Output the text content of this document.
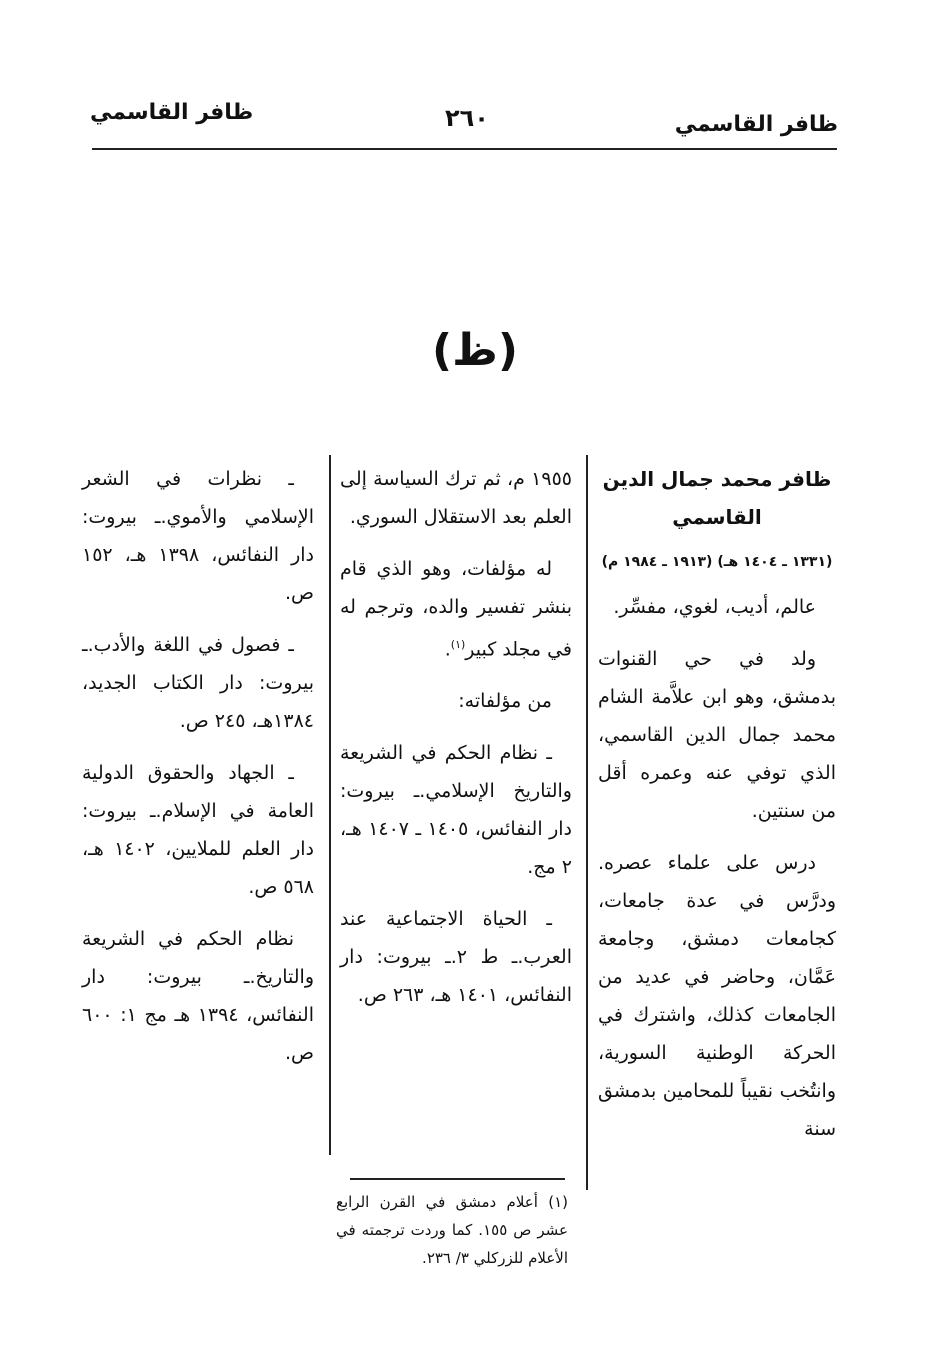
ظافر القاسمي
٢٦٠
ظافر القاسمي
(ظ)

ظافر محمد جمال الدين القاسمي

(١٣٣١ ـ ١٤٠٤ هـ) (١٩١٣ ـ ١٩٨٤ م)

عالم، أديب، لغوي، مفسِّر.

ولد في حي القنوات بدمشق، وهو ابن علاَّمة الشام محمد جمال الدين القاسمي، الذي توفي عنه وعمره أقل من سنتين.

درس على علماء عصره. ودرَّس في عدة جامعات، كجامعات دمشق، وجامعة عَمَّان، وحاضر في عديد من الجامعات كذلك، واشترك في الحركة الوطنية السورية، وانتُخب نقيباً للمحامين بدمشق سنة

١٩٥٥ م، ثم ترك السياسة إلى العلم بعد الاستقلال السوري.

له مؤلفات، وهو الذي قام بنشر تفسير والده، وترجم له في مجلد كبير$^{(١)}$.

من مؤلفاته:

ـ نظام الحكم في الشريعة والتاريخ الإسلامي.ـ بيروت: دار النفائس، ١٤٠٥ ـ ١٤٠٧ هـ، ٢ مج.

ـ الحياة الاجتماعية عند العرب.ـ ط ٢.ـ بيروت: دار النفائس، ١٤٠١ هـ، ٢٦٣ ص.

ـ نظرات في الشعر الإسلامي والأموي.ـ بيروت: دار النفائس، ١٣٩٨ هـ، ١٥٢ ص.

ـ فصول في اللغة والأدب.ـ بيروت: دار الكتاب الجديد، ١٣٨٤هـ، ٢٤٥ ص.

ـ الجهاد والحقوق الدولية العامة في الإسلام.ـ بيروت: دار العلم للملايين، ١٤٠٢ هـ، ٥٦٨ ص.

نظام الحكم في الشريعة والتاريخ.ـ بيروت: دار النفائس، ١٣٩٤ هـ مج ١: ٦٠٠ ص.

(١) أعلام دمشق في القرن الرابع عشر ص ١٥٥. كما وردت ترجمته في الأعلام للزركلي ٣/ ٢٣٦.
